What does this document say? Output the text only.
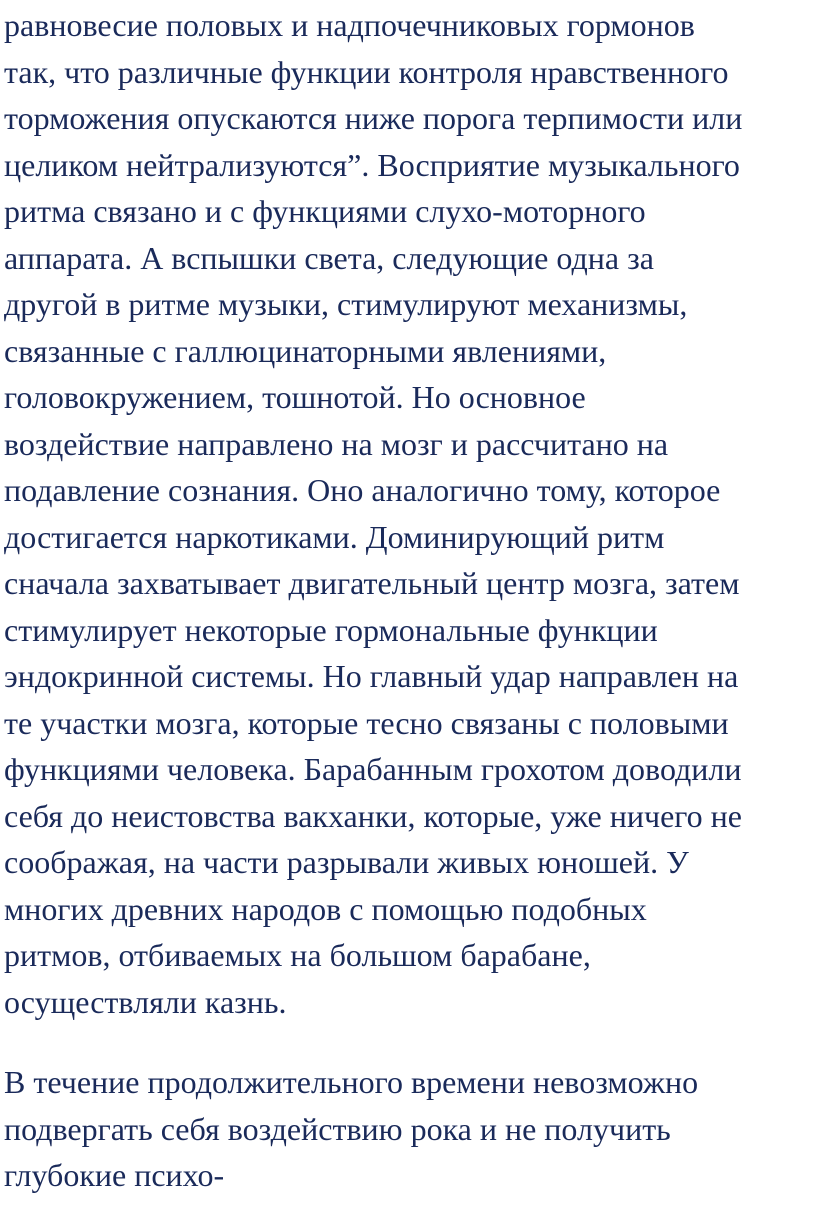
равновесие половых и надпочечниковых гормонов
так, что различные функции контроля нравственного
торможения опускаются ниже порога терпимости или
целиком нейтрализуются”. Восприятие музыкального
ритма связано и с функциями слухо-моторного
аппарата. А вспышки света, следующие одна за
другой в ритме музыки, стимулируют механизмы,
связанные с галлюцинаторными явлениями,
головокружением, тошнотой. Но основное
воздействие направлено на мозг и рассчитано на
подавление сознания. Оно аналогично тому, которое
достигается наркотиками. Доминирующий ритм
сначала захватывает двигательный центр мозга, затем
стимулирует некоторые гормональные функции
эндокринной системы. Но главный удар направлен на
те участки мозга, которые тесно связаны с половыми
функциями человека. Барабанным грохотом доводили
себя до неистовства вакханки, которые, уже ничего не
соображая, на части разрывали живых юношей. У
многих древних народов с помощью подобных
ритмов, отбиваемых на большом барабане,
осуществляли казнь.
В течение продолжительного времени невозможно
подвергать себя воздействию рока и не получить
глубокие психо-
